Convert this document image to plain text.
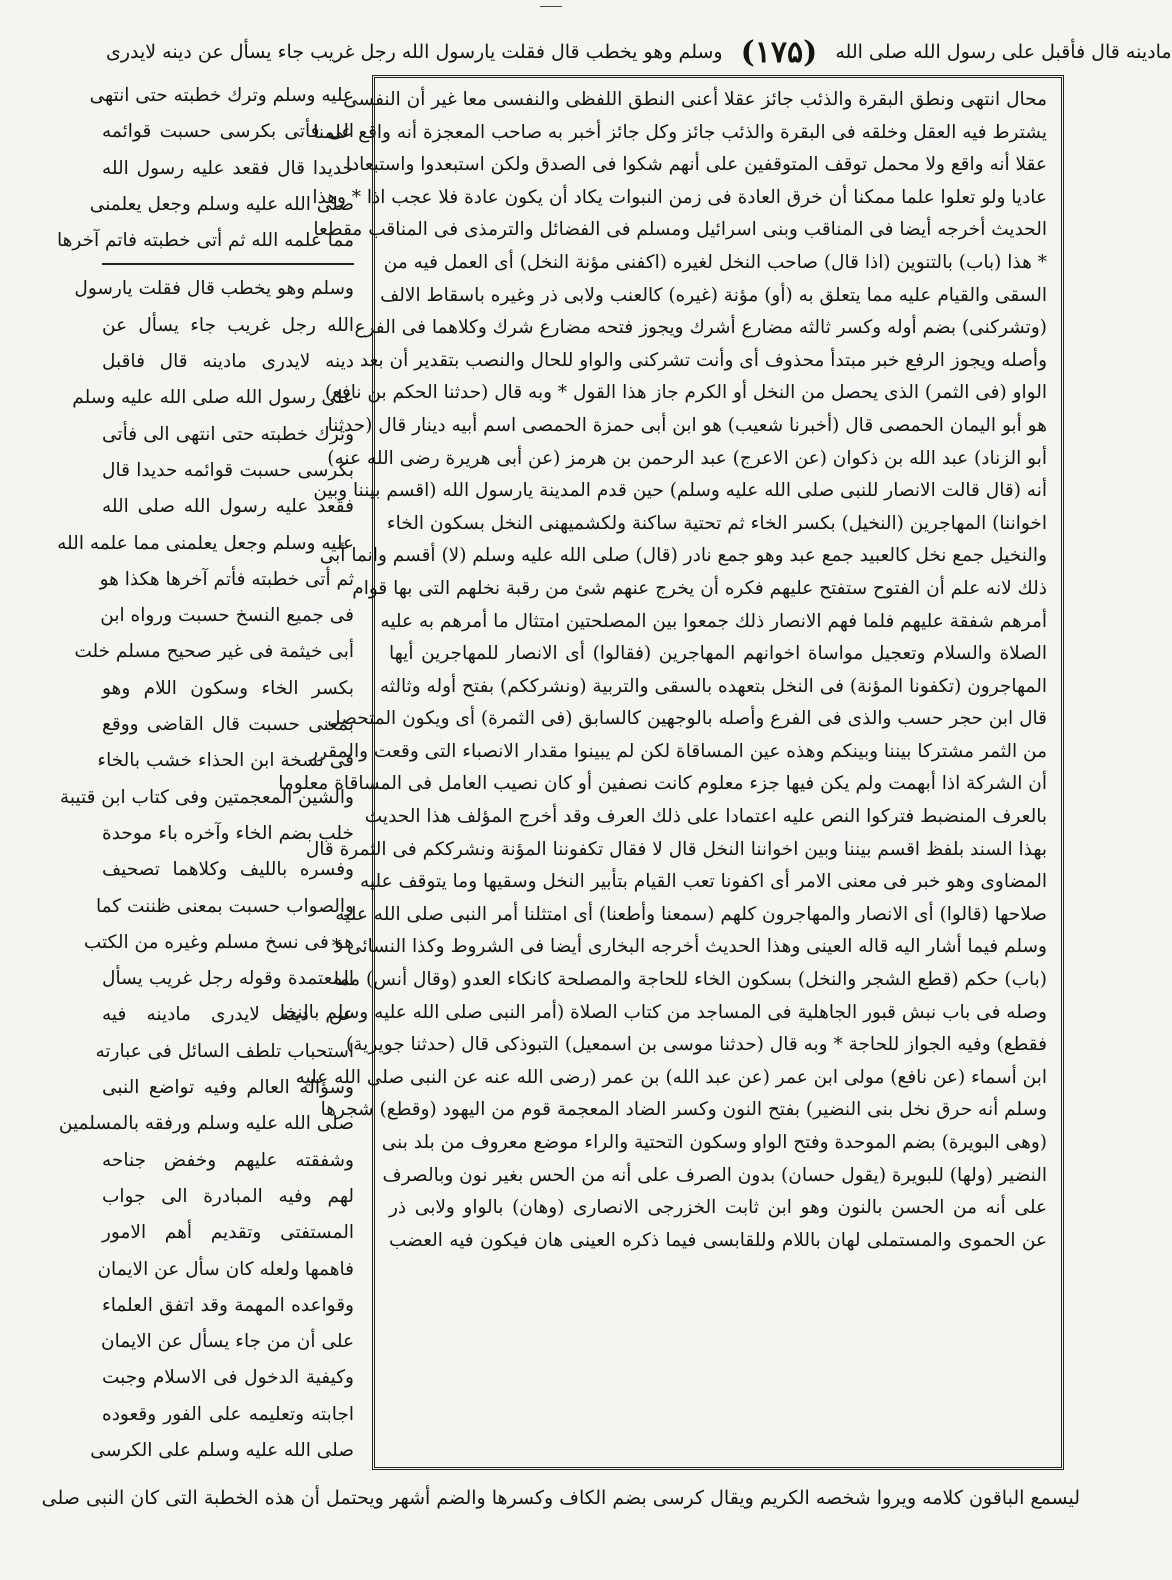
وسلم وهو يخطب قال فقلت يارسول الله رجل غريب جاء يسأل عن دينه لايدرى (۱۷۵) مادينه قال فأقبل على رسول الله صلى الله
عليه وسلم وترك خطبته حتى انتهى
الى فأتى بكرسى حسبت قوائمه
حديدا قال فقعد عليه رسول الله
صلى الله عليه وسلم وجعل يعلمنى
مما علمه الله ثم أتى خطبته فاتم آخرها
وسلم وهو يخطب قال فقلت يارسول
الله رجل غريب جاء يسأل عن
دينه لايدرى مادينه قال فاقبل
على رسول الله صلى الله عليه وسلم
وترك خطبته حتى انتهى الى فأتى
بكرسى حسبت قوائمه حديدا قال
فقعد عليه رسول الله صلى الله
عليه وسلم وجعل يعلمنى مما علمه الله
ثم أتى خطبته فأتم آخرها هكذا هو
فى جميع النسخ حسبت ورواه ابن
أبى خيثمة فى غير صحيح مسلم خلت
بكسر الخاء وسكون اللام وهو
بمعنى حسبت قال القاضى ووقع
فى نسخة ابن الحذاء خشب بالخاء
والشين المعجمتين وفى كتاب ابن قتيبة
خلب بضم الخاء وآخره باء موحدة
وفسره بالليف وكلاهما تصحيف
والصواب حسبت بمعنى ظننت كما
هو فى نسخ مسلم وغيره من الكتب
المعتمدة وقوله رجل غريب يسأل
عن دينه لايدرى مادينه فيه
استحباب تلطف السائل فى عبارته
وسؤاله العالم وفيه تواضع النبى
صلى الله عليه وسلم ورفقه بالمسلمين
وشفقته عليهم وخفض جناحه
لهم وفيه المبادرة الى جواب
المستفتى وتقديم أهم الامور
فاهمها ولعله كان سأل عن الايمان
وقواعده المهمة وقد اتفق العلماء
على أن من جاء يسأل عن الايمان
وكيفية الدخول فى الاسلام وجبت
اجابته وتعليمه على الفور وقعوده
صلى الله عليه وسلم على الكرسى
محال انتهى ونطق البقرة والذئب جائز عقلا أعنى النطق اللفظى والنفسى معا غير أن النفسى
يشترط فيه العقل وخلقه فى البقرة والذئب جائز وكل جائز أخبر به صاحب المعجزة أنه واقع علمنا
عقلا أنه واقع ولا محمل توقف المتوقفين على أنهم شكوا فى الصدق ولكن استبعدوا واستبعادا
عاديا ولو تعلوا علما ممكنا أن خرق العادة فى زمن النبوات يكاد أن يكون عادة فلا عجب اذا * وهذا
الحديث أخرجه أيضا فى المناقب وبنى اسرائيل ومسلم فى الفضائل والترمذى فى المناقب مقطعا
* هذا (باب) بالتنوين (اذا قال) صاحب النخل لغيره (اكفنى مؤنة النخل) أى العمل فيه من
السقى والقيام عليه مما يتعلق به (أو) مؤنة (غيره) كالعنب ولابى ذر وغيره باسقاط الالف
(وتشركنى) بضم أوله وكسر ثالثه مضارع أشرك ويجوز فتحه مضارع شرك وكلاهما فى الفرع
وأصله ويجوز الرفع خبر مبتدأ محذوف أى وأنت تشركنى والواو للحال والنصب بتقدير أن بعد
الواو (فى الثمر) الذى يحصل من النخل أو الكرم جاز هذا القول * وبه قال (حدثنا الحكم بن نافع)
هو أبو اليمان الحمصى قال (أخبرنا شعيب) هو ابن أبى حمزة الحمصى اسم أبيه دينار قال (حدثنا
أبو الزناد) عبد الله بن ذكوان (عن الاعرج) عبد الرحمن بن هرمز (عن أبى هريرة رضى الله عنه)
أنه (قال قالت الانصار للنبى صلى الله عليه وسلم) حين قدم المدينة يارسول الله (اقسم بيننا وبين
اخواننا) المهاجرين (النخيل) بكسر الخاء ثم تحتية ساكنة ولكشميهنى النخل بسكون الخاء
والنخيل جمع نخل كالعبيد جمع عبد وهو جمع نادر (قال) صلى الله عليه وسلم (لا) أقسم وانما أبى
ذلك لانه علم أن الفتوح ستفتح عليهم فكره أن يخرج عنهم شئ من رقبة نخلهم التى بها قوام
أمرهم شفقة عليهم فلما فهم الانصار ذلك جمعوا بين المصلحتين امتثال ما أمرهم به عليه
الصلاة والسلام وتعجيل مواساة اخوانهم المهاجرين (فقالوا) أى الانصار للمهاجرين أيها
المهاجرون (تكفونا المؤنة) فى النخل بتعهده بالسقى والتربية (ونشرككم) بفتح أوله وثالثه
قال ابن حجر حسب والذى فى الفرع وأصله بالوجهين كالسابق (فى الثمرة) أى ويكون المتحصل
من الثمر مشتركا بيننا وبينكم وهذه عين المساقاة لكن لم يبينوا مقدار الانصباء التى وقعت والمقرر
أن الشركة اذا أبهمت ولم يكن فيها جزء معلوم كانت نصفين أو كان نصيب العامل فى المساقاة معلوما
بالعرف المنضبط فتركوا النص عليه اعتمادا على ذلك العرف وقد أخرج المؤلف هذا الحديث
بهذا السند بلفظ اقسم بيننا وبين اخواننا النخل قال لا فقال تكفوننا المؤنة ونشرككم فى الثمرة قال
المضاوى وهو خبر فى معنى الامر أى اكفونا تعب القيام بتأبير النخل وسقيها وما يتوقف عليه
صلاحها (قالوا) أى الانصار والمهاجرون كلهم (سمعنا وأطعنا) أى امتثلنا أمر النبى صلى الله عليه
وسلم فيما أشار اليه قاله العينى وهذا الحديث أخرجه البخارى أيضا فى الشروط وكذا النسائى *
(باب) حكم (قطع الشجر والنخل) بسكون الخاء للحاجة والمصلحة كانكاء العدو (وقال أنس) مما
وصله فى باب نبش قبور الجاهلية فى المساجد من كتاب الصلاة (أمر النبى صلى الله عليه وسلم بالنخل
فقطع) وفيه الجواز للحاجة * وبه قال (حدثنا موسى بن اسمعيل) التبوذكى قال (حدثنا جويرية)
ابن أسماء (عن نافع) مولى ابن عمر (عن عبد الله) بن عمر (رضى الله عنه عن النبى صلى الله عليه
وسلم أنه حرق نخل بنى النضير) بفتح النون وكسر الضاد المعجمة قوم من اليهود (وقطع) شجرها
(وهى البويرة) بضم الموحدة وفتح الواو وسكون التحتية والراء موضع معروف من بلد بنى
النضير (ولها) للبويرة (يقول حسان) بدون الصرف على أنه من الحس بغير نون وبالصرف
على أنه من الحسن بالنون وهو ابن ثابت الخزرجى الانصارى (وهان) بالواو ولابى ذر
عن الحموى والمستملى لهان باللام وللقابسى فيما ذكره العينى هان فيكون فيه العضب
ليسمع الباقون كلامه ويروا شخصه الكريم ويقال كرسى بضم الكاف وكسرها والضم أشهر ويحتمل أن هذه الخطبة التى كان النبى صلى
